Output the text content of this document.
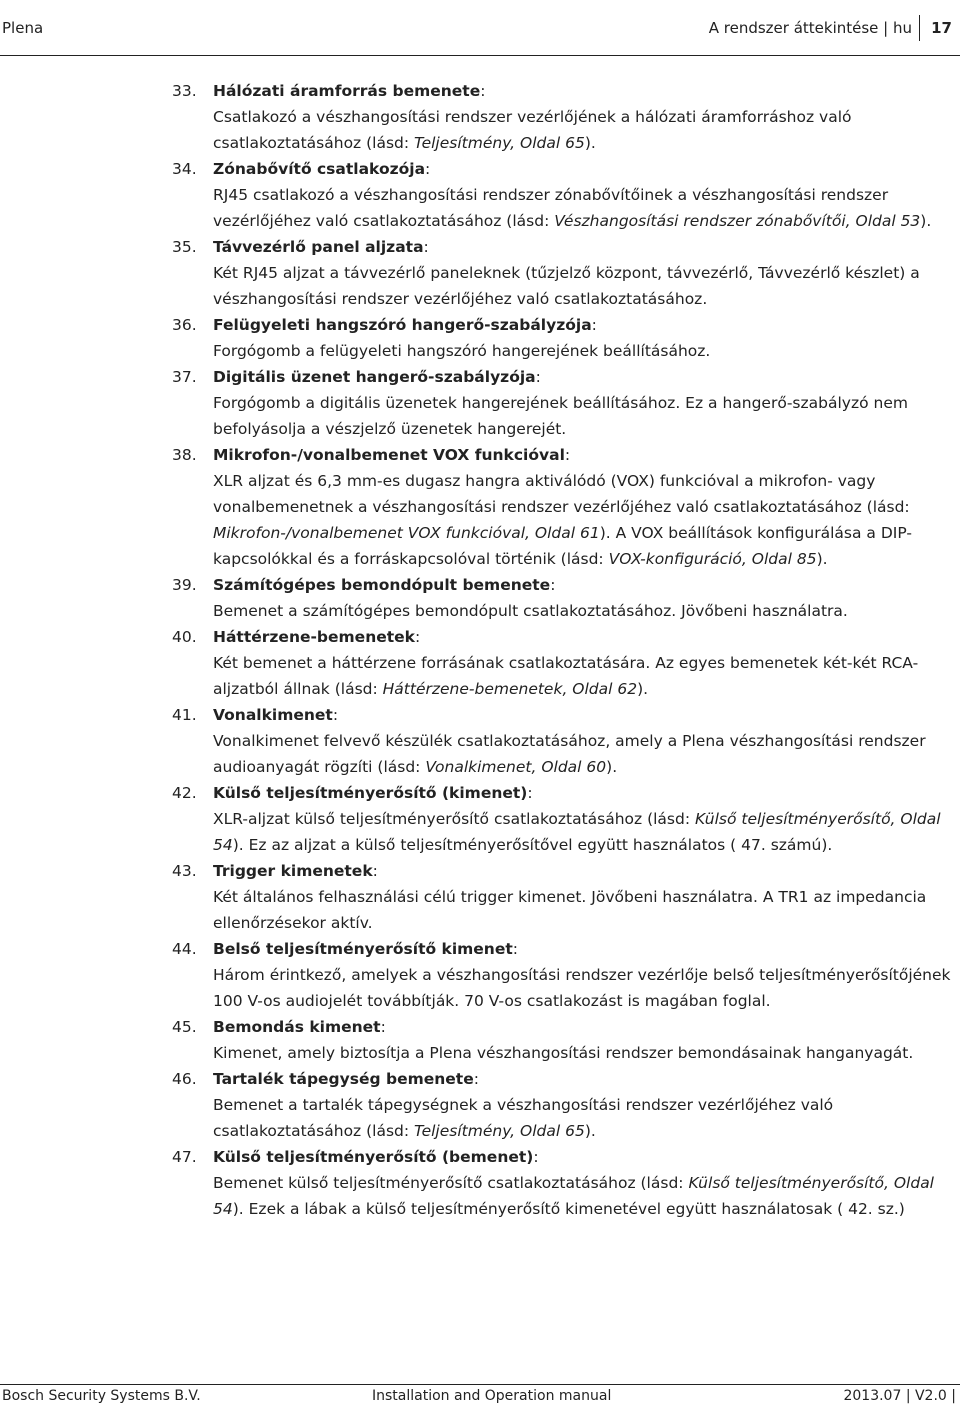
Plena	A rendszer áttekintése | hu 17
33. Hálózati áramforrás bemenete:
Csatlakozó a vészhangosítási rendszer vezérlőjének a hálózati áramforráshoz való csatlakoztatásához (lásd: Teljesítmény, Oldal 65).
34. Zónabővítő csatlakozója:
RJ45 csatlakozó a vészhangosítási rendszer zónabővítőinek a vészhangosítási rendszer vezérlőjéhez való csatlakoztatásához (lásd: Vészhangosítási rendszer zónabővítői, Oldal 53).
35. Távvezérlő panel aljzata:
Két RJ45 aljzat a távvezérlő paneleknek (tűzjelző központ, távvezérlő, Távvezérlő készlet) a vészhangosítási rendszer vezérlőjéhez való csatlakoztatásához.
36. Felügyeleti hangszóró hangerő-szabályzója:
Forgógomb a felügyeleti hangszóró hangerejének beállításához.
37. Digitális üzenet hangerő-szabályzója:
Forgógomb a digitális üzenetek hangerejének beállításához. Ez a hangerő-szabályzó nem befolyásolja a vészjelző üzenetek hangerejét.
38. Mikrofon-/vonalbemenet VOX funkcióval:
XLR aljzat és 6,3 mm-es dugasz hangra aktiválódó (VOX) funkcióval a mikrofon- vagy vonalbemenetnek a vészhangosítási rendszer vezérlőjéhez való csatlakoztatásához (lásd: Mikrofon-/vonalbemenet VOX funkcióval, Oldal 61). A VOX beállítások konfigurálása a DIP-kapcsolókkal és a forráskapcsolóval történik (lásd: VOX-konfiguráció, Oldal 85).
39. Számítógépes bemondópult bemenete:
Bemenet a számítógépes bemondópult csatlakoztatásához. Jövőbeni használatra.
40. Háttérzene-bemenetek:
Két bemenet a háttérzene forrásának csatlakoztatására. Az egyes bemenetek két-két RCA-aljzatból állnak (lásd: Háttérzene-bemenetek, Oldal 62).
41. Vonalkimenet:
Vonalkimenet felvevő készülék csatlakoztatásához, amely a Plena vészhangosítási rendszer audioanyagát rögzíti (lásd: Vonalkimenet, Oldal 60).
42. Külső teljesítményerősítő (kimenet):
XLR-aljzat külső teljesítményerősítő csatlakoztatásához (lásd: Külső teljesítményerősítő, Oldal 54). Ez az aljzat a külső teljesítményerősítővel együtt használatos ( 47. számú).
43. Trigger kimenetek:
Két általános felhasználási célú trigger kimenet. Jövőbeni használatra. A TR1 az impedancia ellenőrzésekor aktív.
44. Belső teljesítményerősítő kimenet:
Három érintkező, amelyek a vészhangosítási rendszer vezérlője belső teljesítményerősítőjének 100 V-os audiojelét továbbítják. 70 V-os csatlakozást is magában foglal.
45. Bemondás kimenet:
Kimenet, amely biztosítja a Plena vészhangosítási rendszer bemondásainak hanganyagát.
46. Tartalék tápegység bemenete:
Bemenet a tartalék tápegységnek a vészhangosítási rendszer vezérlőjéhez való csatlakoztatásához (lásd: Teljesítmény, Oldal 65).
47. Külső teljesítményerősítő (bemenet):
Bemenet külső teljesítményerősítő csatlakoztatásához (lásd: Külső teljesítményerősítő, Oldal 54). Ezek a lábak a külső teljesítményerősítő kimenetével együtt használatosak ( 42. sz.)
Bosch Security Systems B.V.	Installation and Operation manual	2013.07 | V2.0 |
